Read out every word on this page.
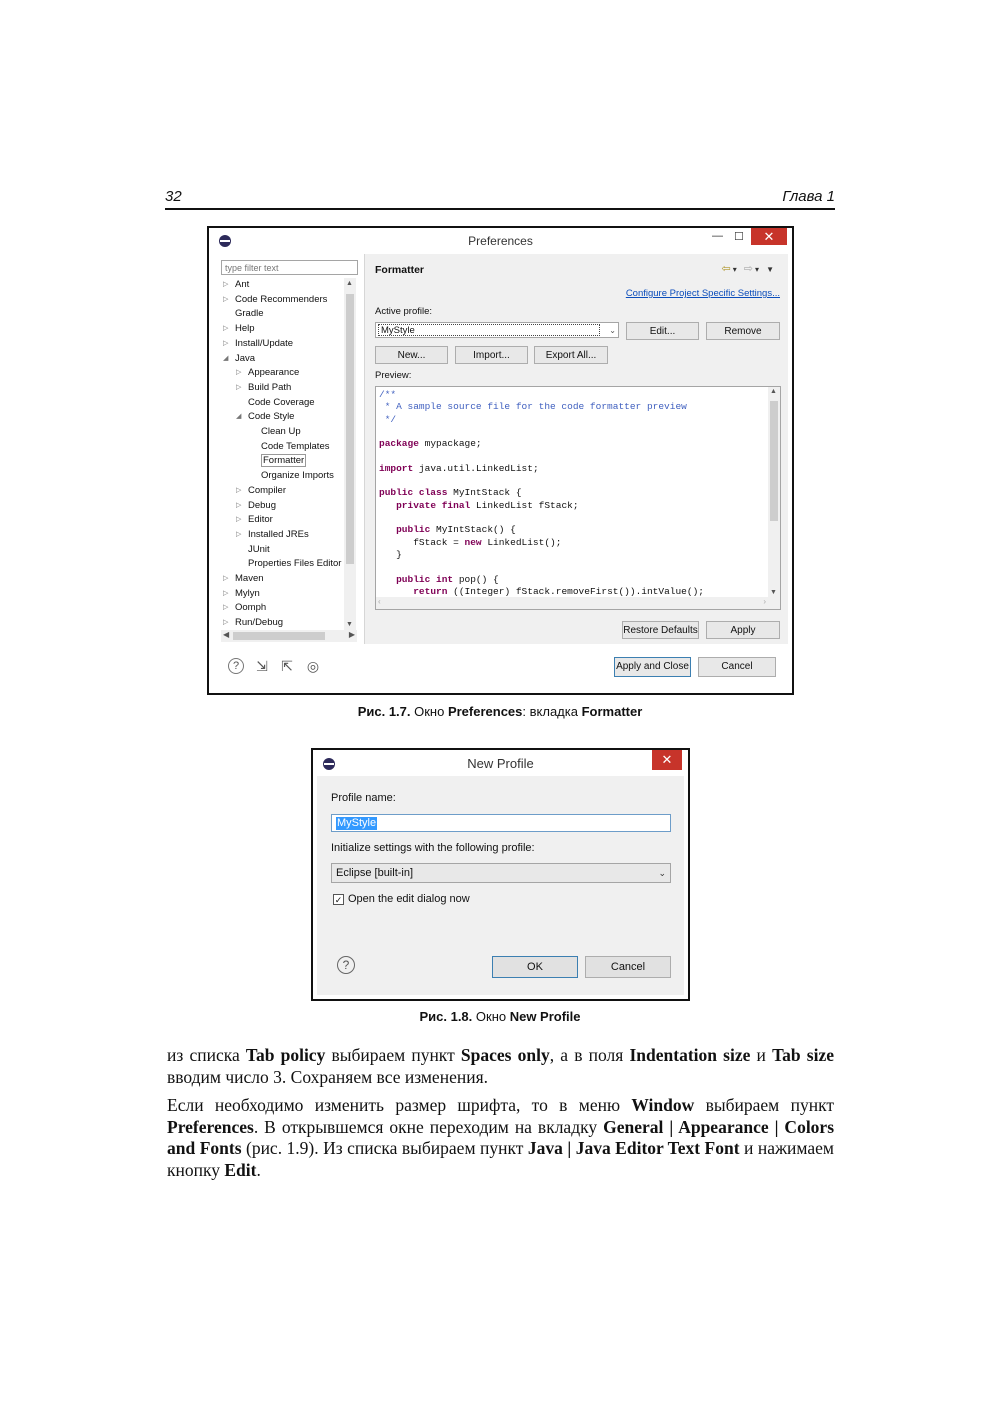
32	Глава 1
Preferences	— ☐	✕
type filter text
▷ Ant
▷ Code Recommenders
Gradle
▷ Help
▷ Install/Update
◢ Java
▷ Appearance
▷ Build Path
Code Coverage
◢ Code Style
Clean Up
Code Templates
Formatter
Organize Imports
▷ Compiler
▷ Debug
▷ Editor
▷ Installed JREs
JUnit
Properties Files Editor
▷ Maven
▷ Mylyn
▷ Oomph
▷ Run/Debug
▲
▼
◀	▶
Formatter	⇦▾ ⇨▾ ▼
Configure Project Specific Settings...
Active profile:
MyStyle	⌄	Edit...	Remove
New...	Import...	Export All...
Preview:
return ((Integer) fStack.removeFirst()).intValue();
public int pop() {
}
fStack = new LinkedList();
public MyIntStack() {
private final LinkedList fStack;
public class MyIntStack {
import java.util.LinkedList;
package mypackage;
*/
* A sample source file for the code formatter preview
/**	▲
▼
‹	›
Restore Defaults	Apply
?	⇲ ⇱ ◎	Apply and Close	Cancel
Рис. 1.7. Окно Preferences: вкладка Formatter
New Profile	✕
Profile name:
MyStyle
Initialize settings with the following profile:
Eclipse [built-in]	⌄
✓ Open the edit dialog now
?	OK	Cancel
Рис. 1.8. Окно New Profile
из списка Tab policy выбираем пункт Spaces only, а в поля Indentation size и Tab size вводим число 3. Сохраняем все изменения.
Если необходимо изменить размер шрифта, то в меню Window выбираем пункт Preferences. В открывшемся окне переходим на вкладку General | Appearance | Colors and Fonts (рис. 1.9). Из списка выбираем пункт Java | Java Editor Text Font и нажимаем кнопку Edit.
